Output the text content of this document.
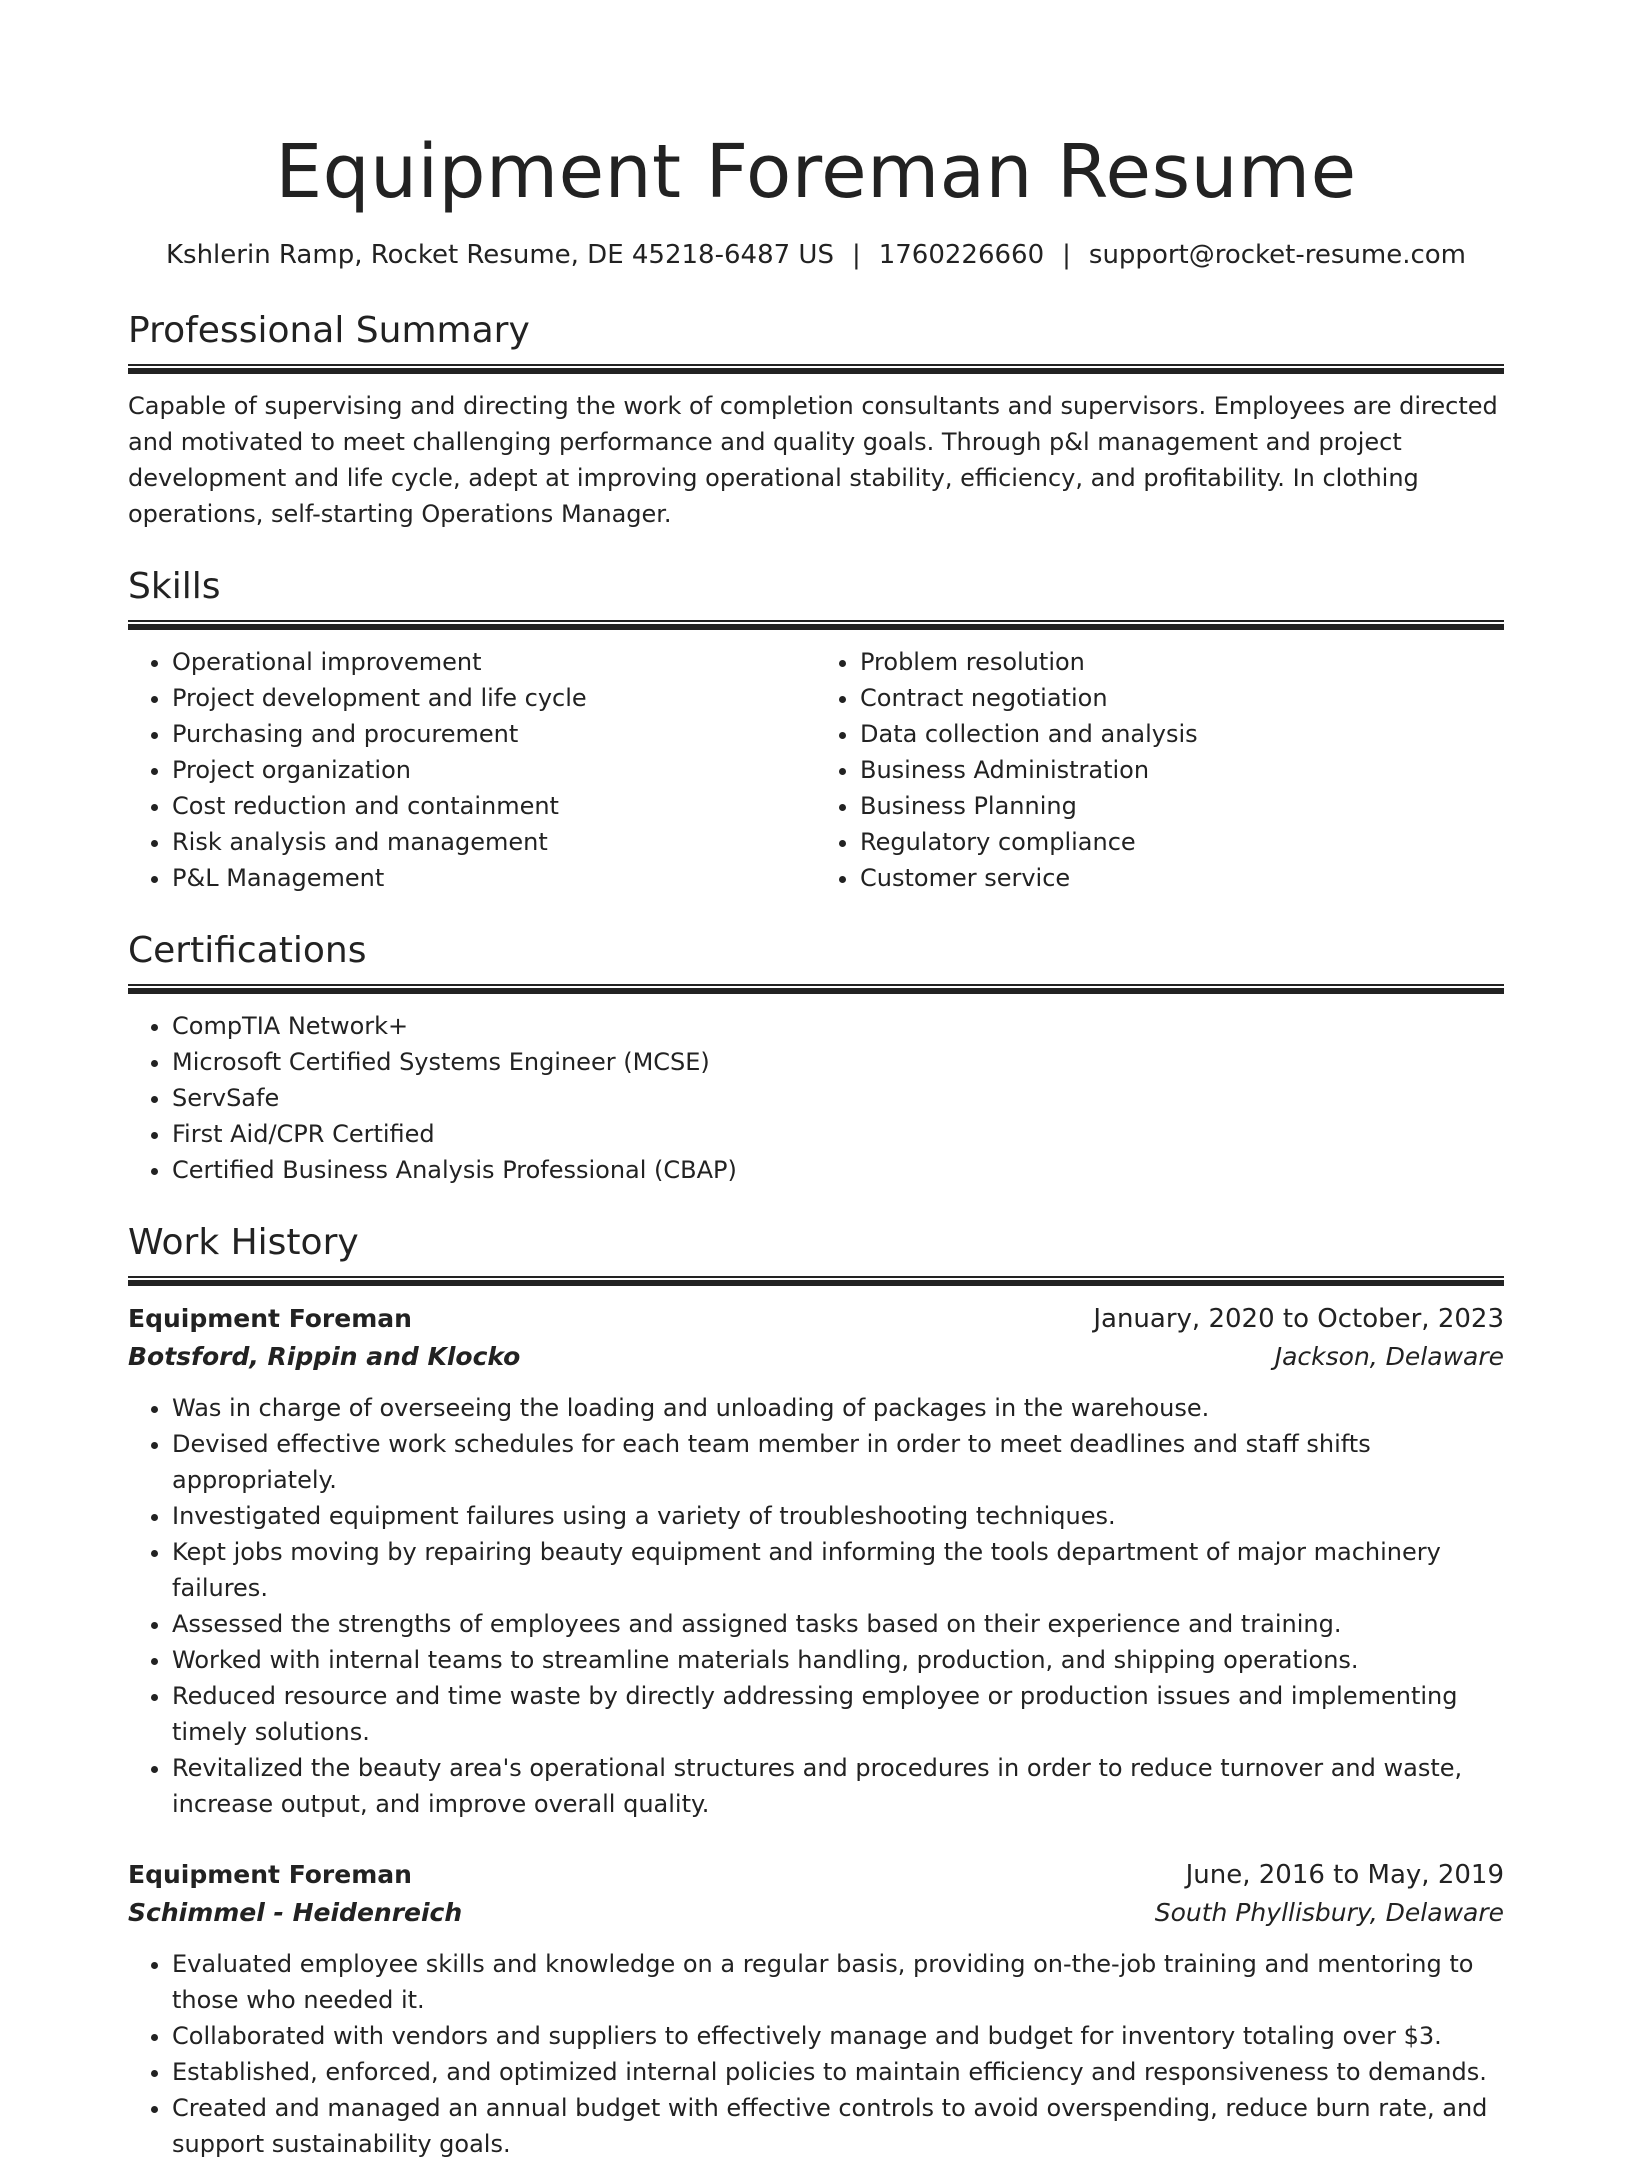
Equipment Foreman Resume
Kshlerin Ramp, Rocket Resume, DE 45218-6487 US | 1760226660 | support@rocket-resume.com
Professional Summary

Capable of supervising and directing the work of completion consultants and supervisors. Employees are directed and motivated to meet challenging performance and quality goals. Through p&l management and project development and life cycle, adept at improving operational stability, efficiency, and profitability. In clothing operations, self-starting Operations Manager.

Skills
• Operational improvement
• Project development and life cycle
• Purchasing and procurement
• Project organization
• Cost reduction and containment
• Risk analysis and management
• P&L Management
• Problem resolution
• Contract negotiation
• Data collection and analysis
• Business Administration
• Business Planning
• Regulatory compliance
• Customer service
Certifications
• CompTIA Network+
• Microsoft Certified Systems Engineer (MCSE)
• ServSafe
• First Aid/CPR Certified
• Certified Business Analysis Professional (CBAP)
Work History
Equipment Foreman	January, 2020 to October, 2023
Botsford, Rippin and Klocko	Jackson, Delaware
• Was in charge of overseeing the loading and unloading of packages in the warehouse.
• Devised effective work schedules for each team member in order to meet deadlines and staff shifts appropriately.
• Investigated equipment failures using a variety of troubleshooting techniques.
• Kept jobs moving by repairing beauty equipment and informing the tools department of major machinery failures.
• Assessed the strengths of employees and assigned tasks based on their experience and training.
• Worked with internal teams to streamline materials handling, production, and shipping operations.
• Reduced resource and time waste by directly addressing employee or production issues and implementing timely solutions.
• Revitalized the beauty area's operational structures and procedures in order to reduce turnover and waste, increase output, and improve overall quality.
Equipment Foreman	June, 2016 to May, 2019
Schimmel - Heidenreich	South Phyllisbury, Delaware
• Evaluated employee skills and knowledge on a regular basis, providing on-the-job training and mentoring to those who needed it.
• Collaborated with vendors and suppliers to effectively manage and budget for inventory totaling over $3.
• Established, enforced, and optimized internal policies to maintain efficiency and responsiveness to demands.
• Created and managed an annual budget with effective controls to avoid overspending, reduce burn rate, and support sustainability goals.
